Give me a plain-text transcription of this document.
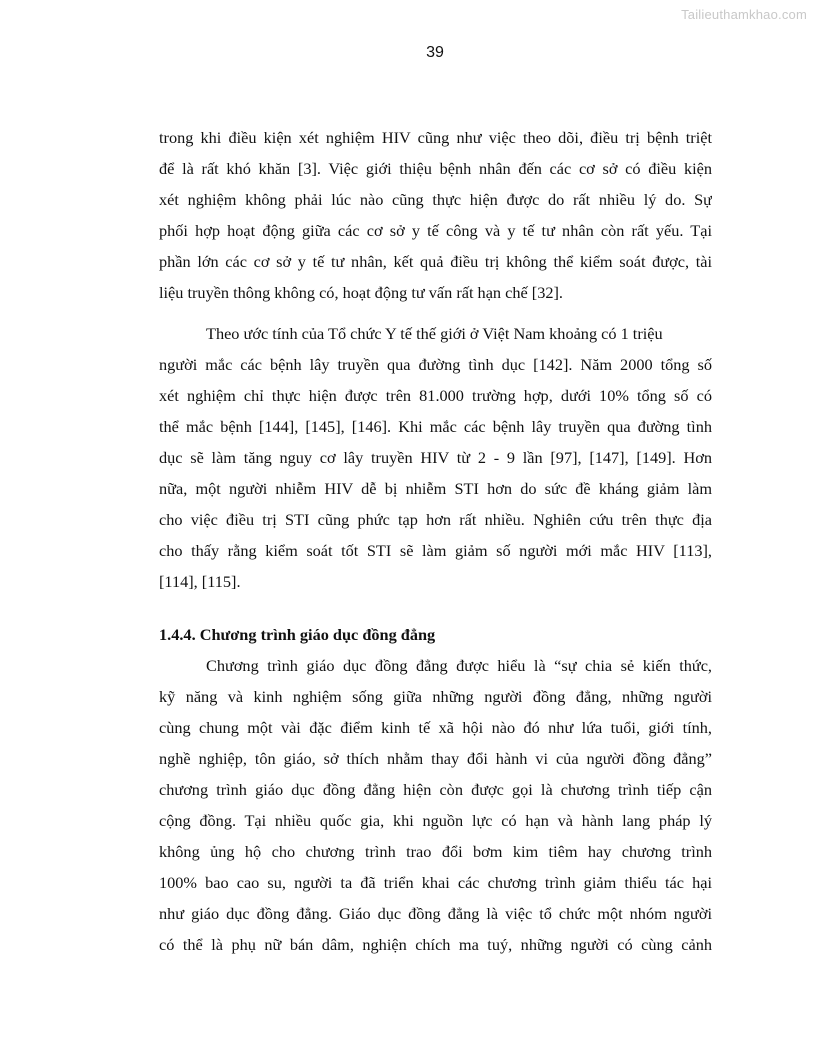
Tailieuthamkhao.com
39

trong khi điều kiện xét nghiệm HIV cũng như việc theo dõi, điều trị bệnh triệt
để là rất khó khăn [3]. Việc giới thiệu bệnh nhân đến các cơ sở có điều kiện
xét nghiệm không phải lúc nào cũng thực hiện được do rất nhiều lý do. Sự
phối hợp hoạt động giữa các cơ sở y tế công và y tế tư nhân còn rất yếu. Tại
phần lớn các cơ sở y tế tư nhân, kết quả điều trị không thể kiểm soát được, tài
liệu truyền thông không có, hoạt động tư vấn rất hạn chế [32].

Theo ước tính của Tổ chức Y tế thế giới ở Việt Nam khoảng có 1 triệu
người mắc các bệnh lây truyền qua đường tình dục [142]. Năm 2000 tổng số
xét nghiệm chỉ thực hiện được trên 81.000 trường hợp, dưới 10% tổng số có
thể mắc bệnh [144], [145], [146]. Khi mắc các bệnh lây truyền qua đường tình
dục sẽ làm tăng nguy cơ lây truyền HIV từ 2 - 9 lần [97], [147], [149]. Hơn
nữa, một người nhiễm HIV dễ bị nhiễm STI hơn do sức đề kháng giảm làm
cho việc điều trị STI cũng phức tạp hơn rất nhiều. Nghiên cứu trên thực địa
cho thấy rằng kiểm soát tốt STI sẽ làm giảm số người mới mắc HIV [113],
[114], [115].

1.4.4. Chương trình giáo dục đồng đẳng

Chương trình giáo dục đồng đẳng được hiểu là “sự chia sẻ kiến thức,
kỹ năng và kinh nghiệm sống giữa những người đồng đẳng, những người
cùng chung một vài đặc điểm kinh tế xã hội nào đó như lứa tuổi, giới tính,
nghề nghiệp, tôn giáo, sở thích nhằm thay đổi hành vi của người đồng đẳng”
chương trình giáo dục đồng đẳng hiện còn được gọi là chương trình tiếp cận
cộng đồng. Tại nhiều quốc gia, khi nguồn lực có hạn và hành lang pháp lý
không ủng hộ cho chương trình trao đổi bơm kim tiêm hay chương trình
100% bao cao su, người ta đã triển khai các chương trình giảm thiểu tác hại
như giáo dục đồng đẳng. Giáo dục đồng đẳng là việc tổ chức một nhóm người
có thể là phụ nữ bán dâm, nghiện chích ma tuý, những người có cùng cảnh
